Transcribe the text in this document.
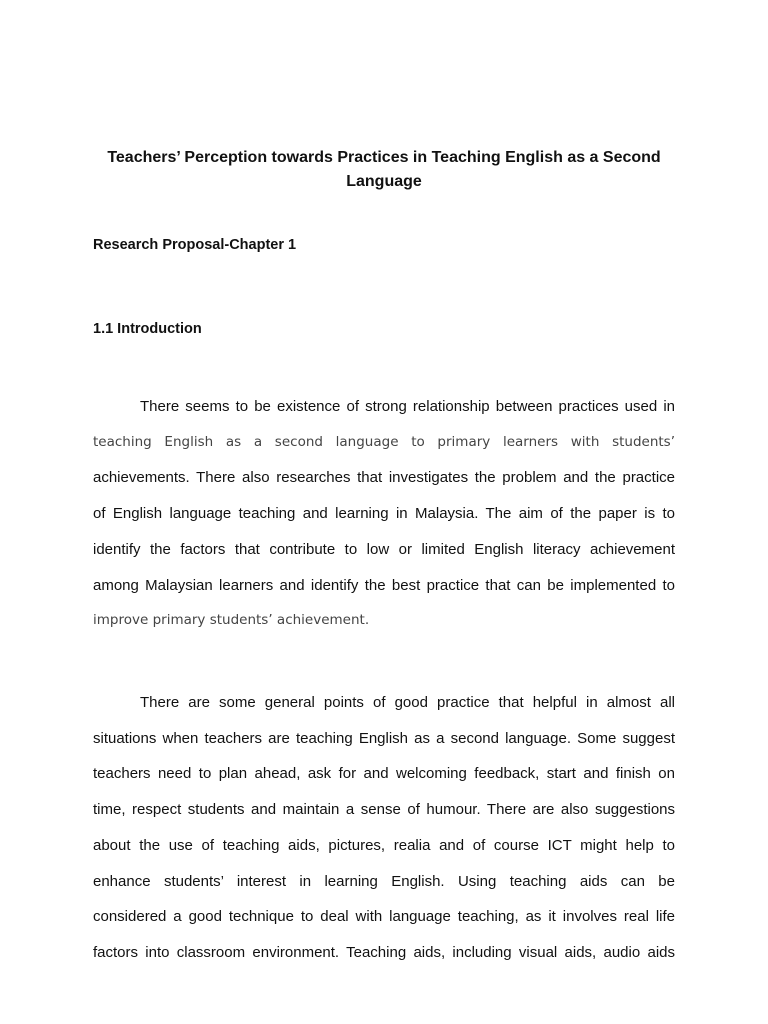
Teachers’ Perception towards Practices in Teaching English as a Second Language

Research Proposal-Chapter 1

1.1 Introduction

There seems to be existence of strong relationship between practices used in
teaching English as a second language to primary learners with students’
achievements. There also researches that investigates the problem and the practice
of English language teaching and learning in Malaysia. The aim of the paper is to
identify the factors that contribute to low or limited English literacy achievement
among Malaysian learners and identify the best practice that can be implemented to
improve primary students’ achievement.
There are some general points of good practice that helpful in almost all
situations when teachers are teaching English as a second language. Some suggest
teachers need to plan ahead, ask for and welcoming feedback, start and finish on
time, respect students and maintain a sense of humour. There are also suggestions
about the use of teaching aids, pictures, realia and of course ICT might help to
enhance students’ interest in learning English. Using teaching aids can be
considered a good technique to deal with language teaching, as it involves real life
factors into classroom environment. Teaching aids, including visual aids, audio aids
